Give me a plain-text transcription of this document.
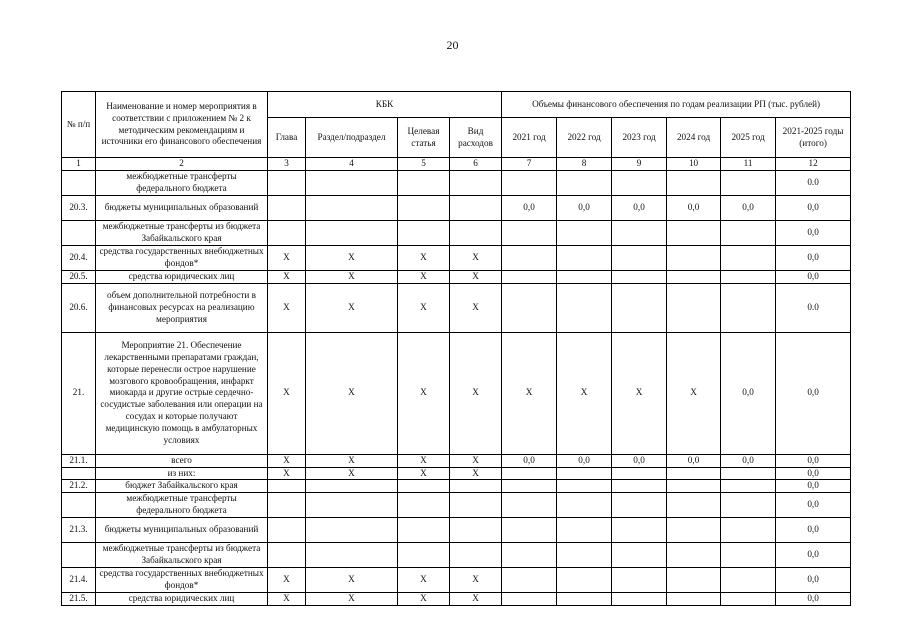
20
№ п/п	Наименование и номер мероприятия в соответствии с приложением № 2 к методическим рекомендациям и источники его финансового обеспечения	КБК				Объемы финансового обеспечения по годам реализации РП (тыс. рублей)					
		Глава	Раздел/подраздел	Целевая статья	Вид расходов	2021 год	2022 год	2023 год	2024 год	2025 год	2021-2025 годы (итого)
1	2	3	4	5	6	7	8	9	10	11	12
	межбюджетные трансферты федерального бюджета										0.0
20.3.	бюджеты муниципальных образований					0,0	0,0	0,0	0,0	0,0	0,0
	межбюджетные трансферты из бюджета Забайкальского края										0,0
20.4.	средства государственных внебюджетных фондов*	X	X	X	X						0,0
20.5.	средства юридических лиц	X	X	X	X						0,0
20.6.	объем дополнительной потребности в финансовых ресурсах на реализацию мероприятия	X	X	X	X						0.0
21.	Мероприятие 21. Обеспечение лекарственными препаратами граждан, которые перенесли острое нарушение мозгового кровообращения, инфаркт миокарда и другие острые сердечно-сосудистые заболевания или операции на сосудах и которые получают медицинскую помощь в амбулаторных условиях	X	X	X	X	X	X	X	X	0,0	0,0
21.1.	всего	X	X	X	X	0,0	0,0	0,0	0,0	0,0	0,0
	из них:	X	X	X	X						0,0
21.2.	бюджет Забайкальского края										0,0
	межбюджетные трансферты федерального бюджета										0,0
21.3.	бюджеты муниципальных образований										0,0
	межбюджетные трансферты из бюджета Забайкальского края										0,0
21.4.	средства государственных внебюджетных фондов*	X	X	X	X						0,0
21.5.	средства юридических лиц	X	X	X	X						0,0
